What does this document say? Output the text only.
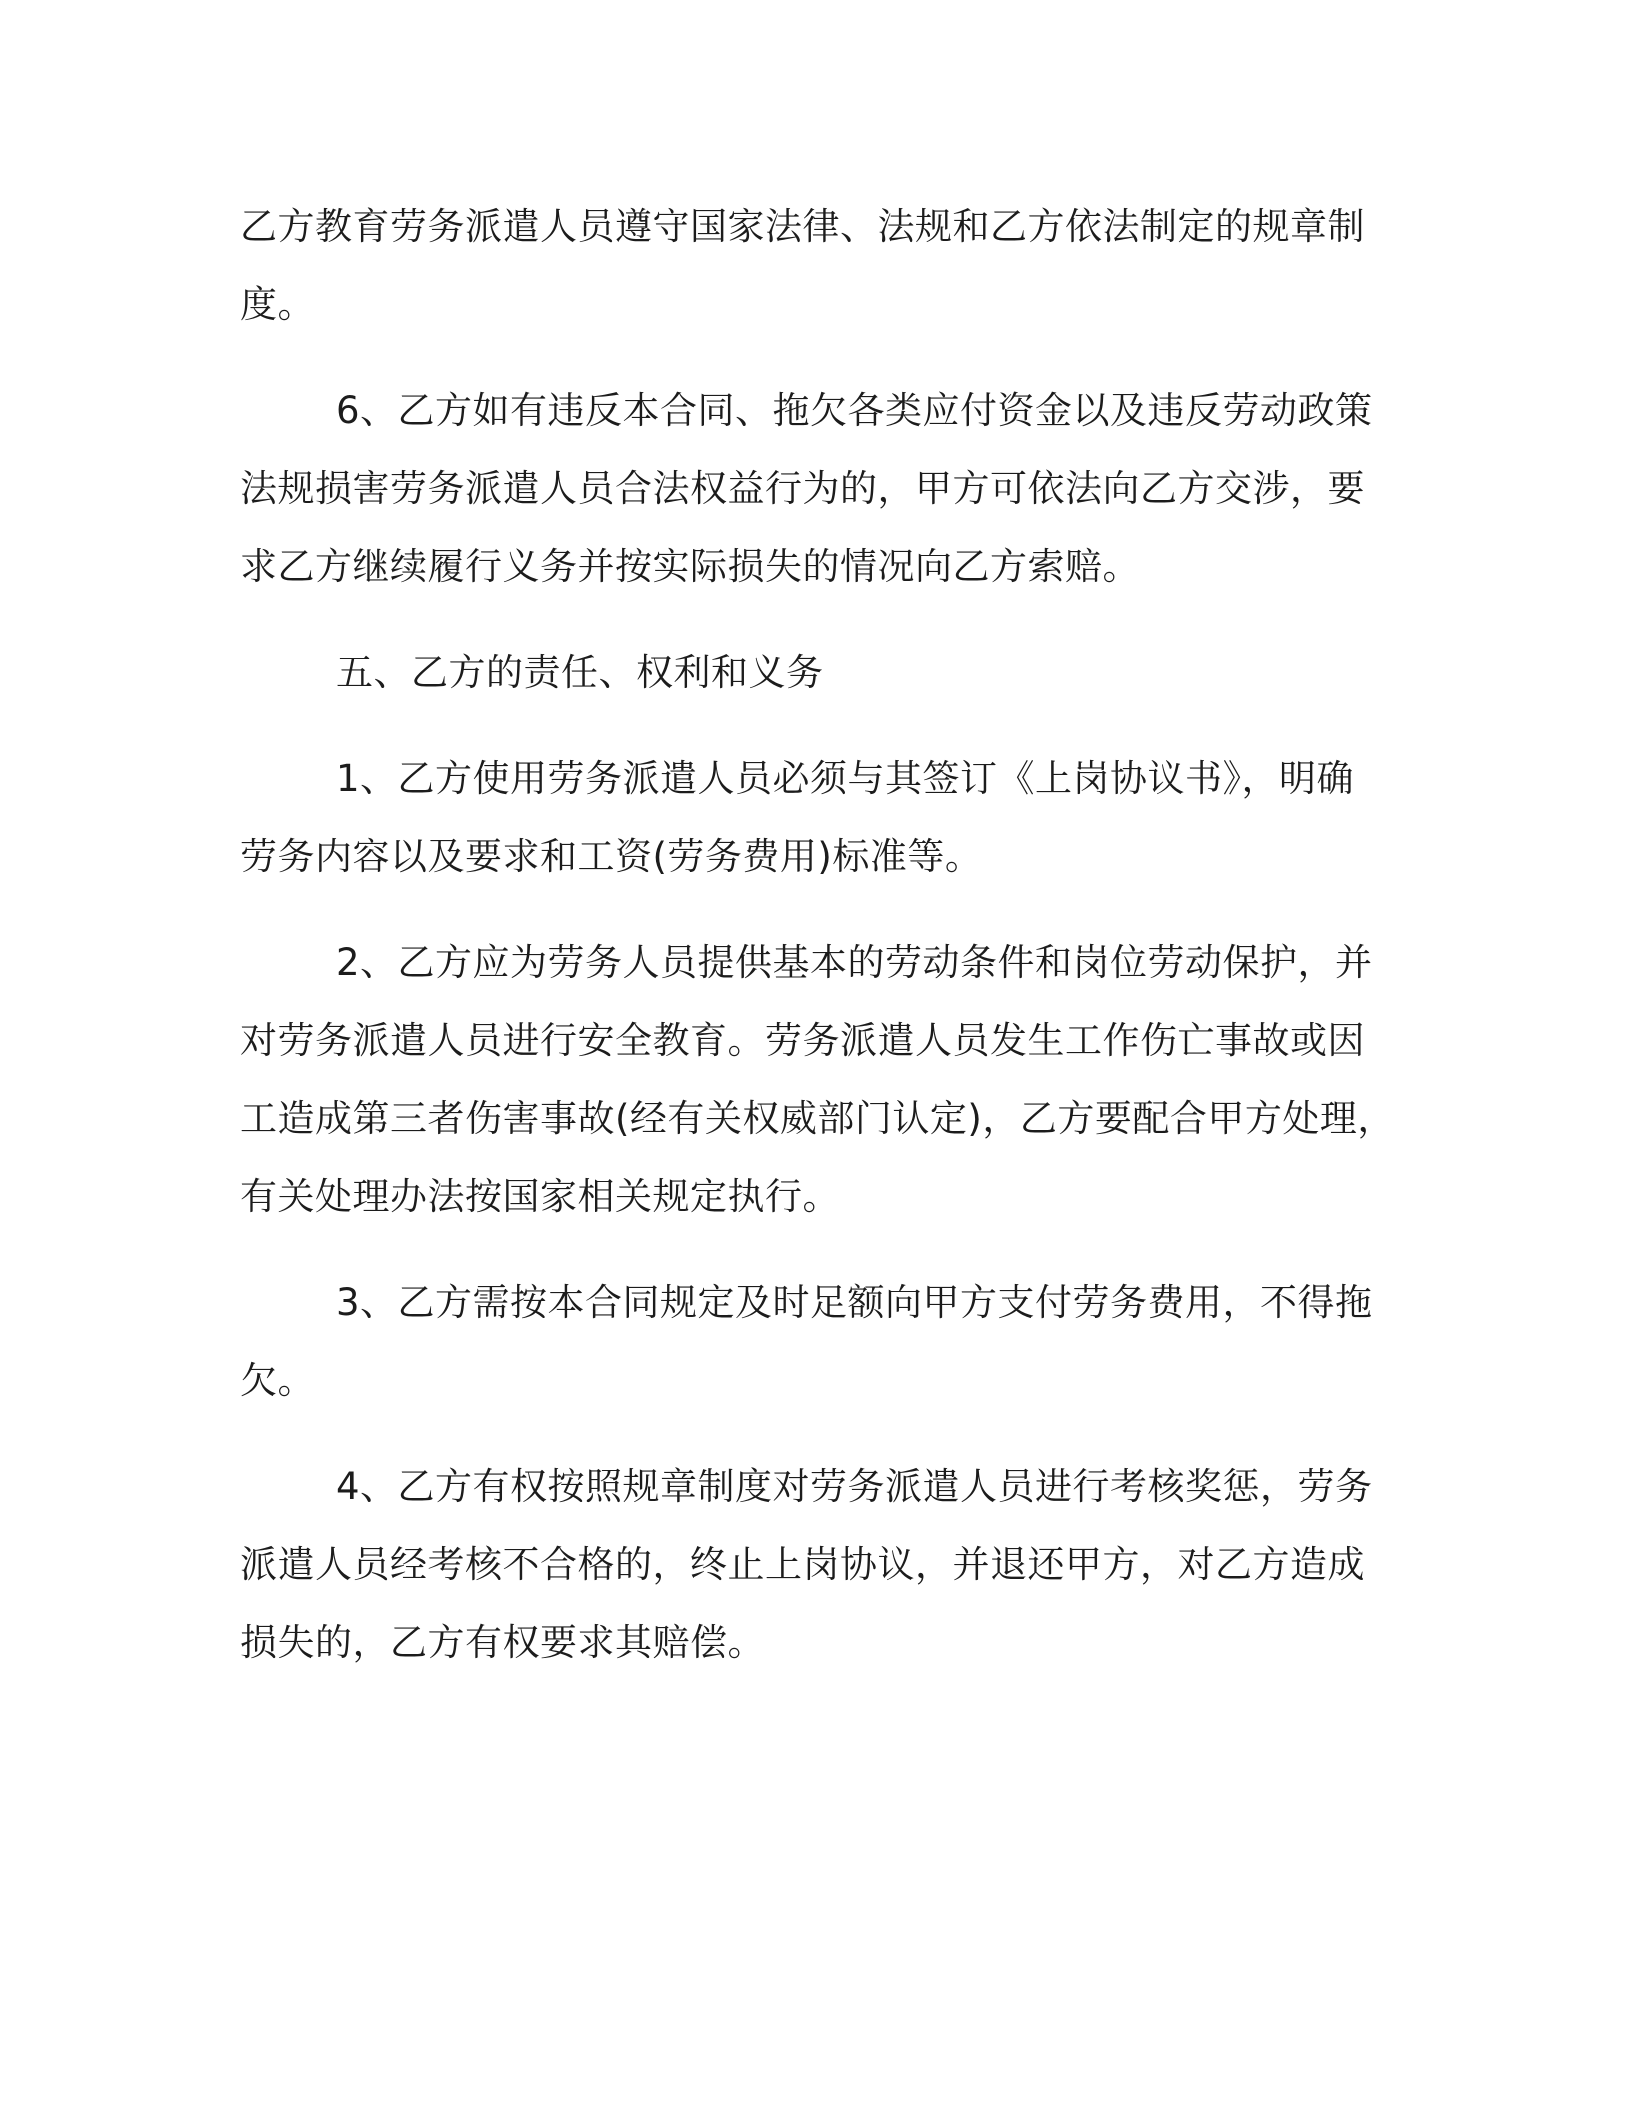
乙方教育劳务派遣人员遵守国家法律、法规和乙方依法制定的规章制
度。

6、乙方如有违反本合同、拖欠各类应付资金以及违反劳动政策
法规损害劳务派遣人员合法权益行为的，甲方可依法向乙方交涉，要
求乙方继续履行义务并按实际损失的情况向乙方索赔。

五、乙方的责任、权利和义务

1、乙方使用劳务派遣人员必须与其签订《上岗协议书》，明确
劳务内容以及要求和工资(劳务费用)标准等。

2、乙方应为劳务人员提供基本的劳动条件和岗位劳动保护，并
对劳务派遣人员进行安全教育。劳务派遣人员发生工作伤亡事故或因
工造成第三者伤害事故(经有关权威部门认定)，乙方要配合甲方处理，
有关处理办法按国家相关规定执行。

3、乙方需按本合同规定及时足额向甲方支付劳务费用，不得拖
欠。

4、乙方有权按照规章制度对劳务派遣人员进行考核奖惩，劳务
派遣人员经考核不合格的，终止上岗协议，并退还甲方，对乙方造成
损失的，乙方有权要求其赔偿。
